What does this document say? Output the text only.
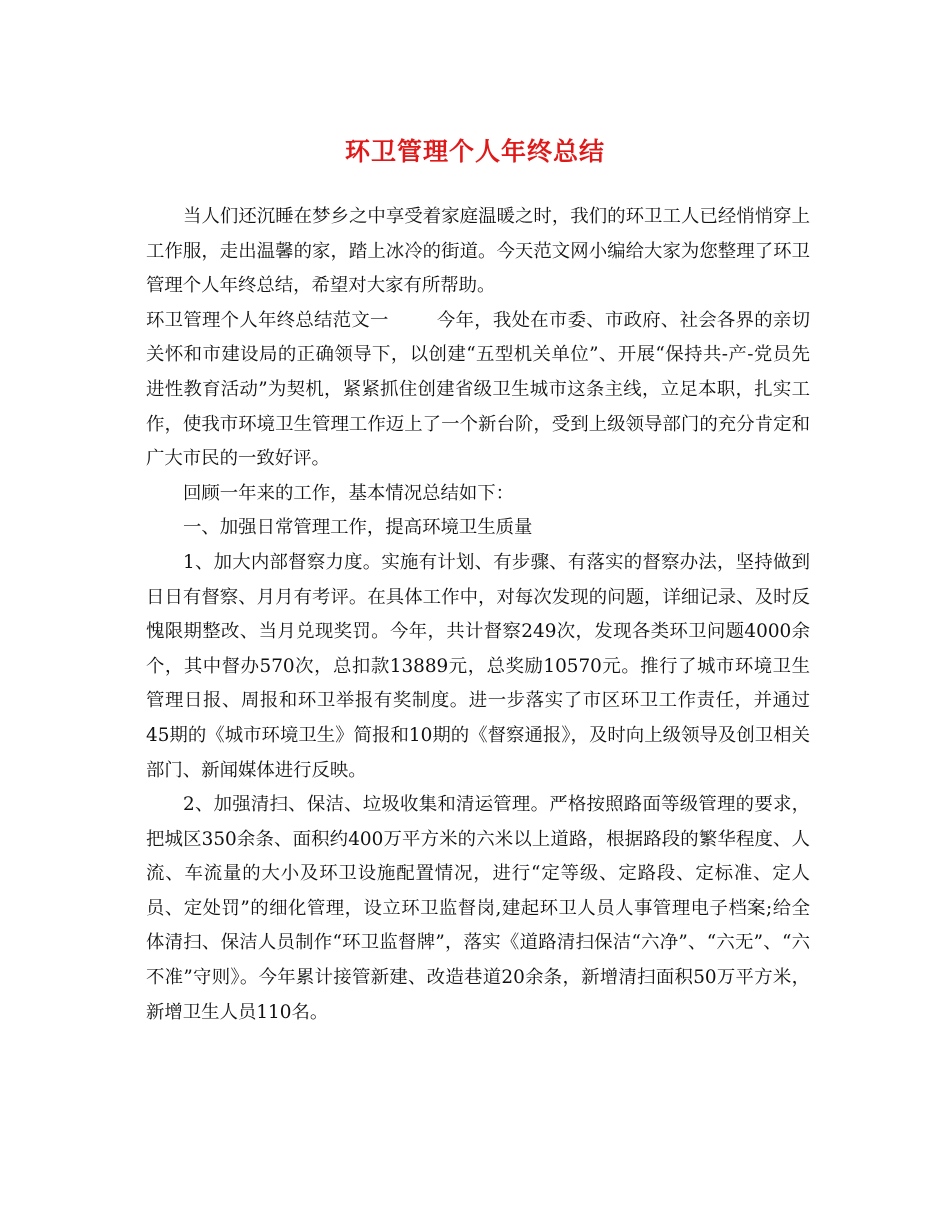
环卫管理个人年终总结

当人们还沉睡在梦乡之中享受着家庭温暖之时，我们的环卫工人已经悄悄穿上工作服，走出温馨的家，踏上冰冷的街道。今天范文网小编给大家为您整理了环卫管理个人年终总结，希望对大家有所帮助。

环卫管理个人年终总结范文一	今年，我处在市委、市政府、社会各界的亲切关怀和市建设局的正确领导下，以创建“五型机关单位”、开展“保持共-产-党员先进性教育活动”为契机，紧紧抓住创建省级卫生城市这条主线，立足本职，扎实工作，使我市环境卫生管理工作迈上了一个新台阶，受到上级领导部门的充分肯定和广大市民的一致好评。

回顾一年来的工作，基本情况总结如下：

一、加强日常管理工作，提高环境卫生质量

1、加大内部督察力度。实施有计划、有步骤、有落实的督察办法，坚持做到日日有督察、月月有考评。在具体工作中，对每次发现的问题，详细记录、及时反愧限期整改、当月兑现奖罚。今年，共计督察249次，发现各类环卫问题4000余个，其中督办570次，总扣款13889元，总奖励10570元。推行了城市环境卫生管理日报、周报和环卫举报有奖制度。进一步落实了市区环卫工作责任，并通过45期的《城市环境卫生》简报和10期的《督察通报》，及时向上级领导及创卫相关部门、新闻媒体进行反映。

2、加强清扫、保洁、垃圾收集和清运管理。严格按照路面等级管理的要求，把城区350余条、面积约400万平方米的六米以上道路，根据路段的繁华程度、人流、车流量的大小及环卫设施配置情况，进行“定等级、定路段、定标准、定人员、定处罚”的细化管理，设立环卫监督岗,建起环卫人员人事管理电子档案;给全体清扫、保洁人员制作“环卫监督牌”，落实《道路清扫保洁“六净”、“六无”、“六不准”守则》。今年累计接管新建、改造巷道20余条，新增清扫面积50万平方米，新增卫生人员110名。
